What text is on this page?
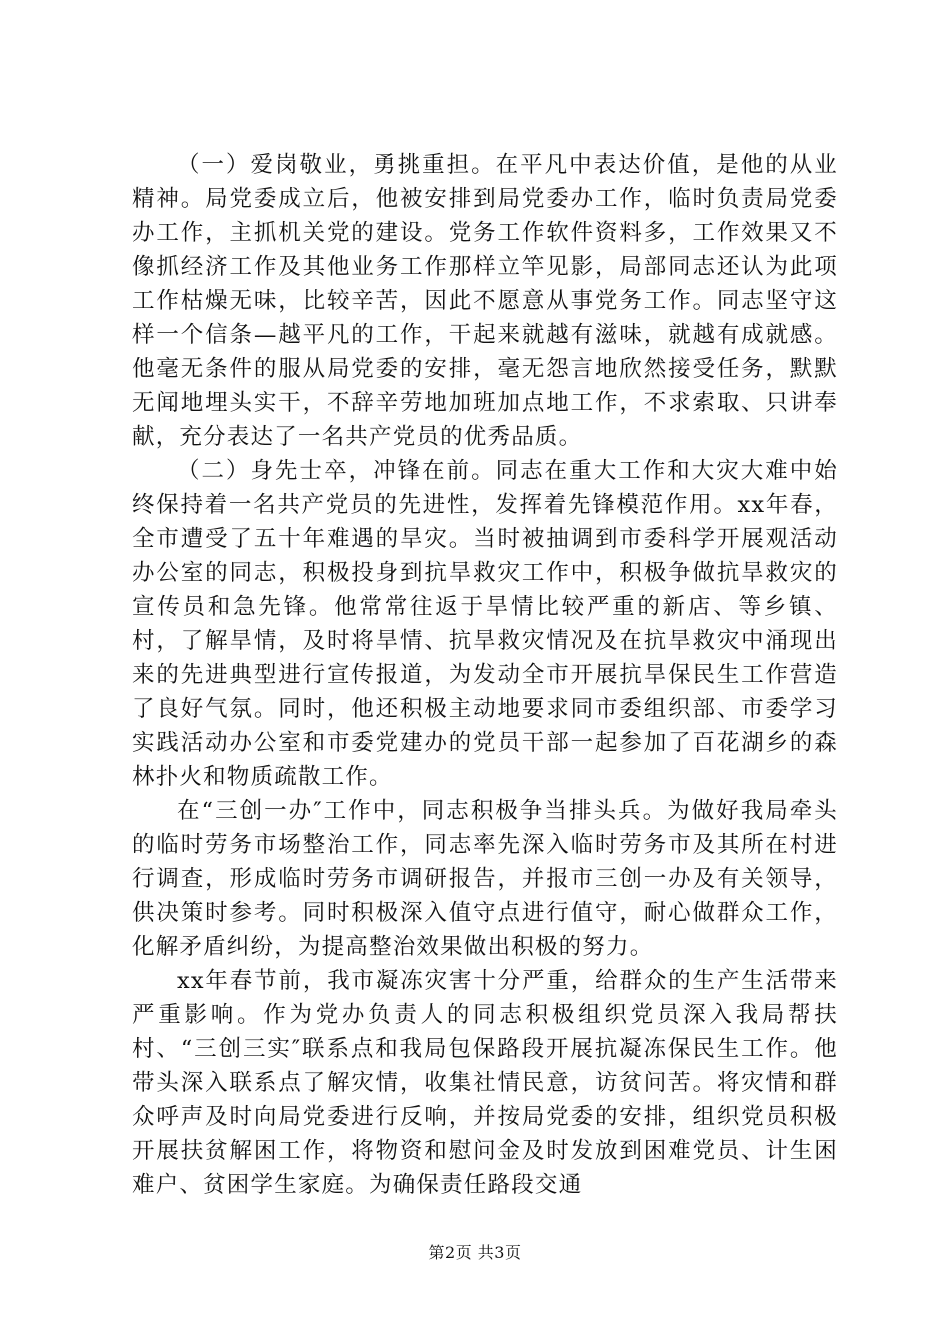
（一）爱岗敬业，勇挑重担。在平凡中表达价值，是他的从业精神。局党委成立后，他被安排到局党委办工作，临时负责局党委办工作，主抓机关党的建设。党务工作软件资料多，工作效果又不像抓经济工作及其他业务工作那样立竿见影，局部同志还认为此项工作枯燥无味，比较辛苦，因此不愿意从事党务工作。同志坚守这样一个信条—越平凡的工作，干起来就越有滋味，就越有成就感。他毫无条件的服从局党委的安排，毫无怨言地欣然接受任务，默默无闻地埋头实干，不辞辛劳地加班加点地工作，不求索取、只讲奉献，充分表达了一名共产党员的优秀品质。

（二）身先士卒，冲锋在前。同志在重大工作和大灾大难中始终保持着一名共产党员的先进性，发挥着先锋模范作用。xx年春，全市遭受了五十年难遇的旱灾。当时被抽调到市委科学开展观活动办公室的同志，积极投身到抗旱救灾工作中，积极争做抗旱救灾的宣传员和急先锋。他常常往返于旱情比较严重的新店、等乡镇、村，了解旱情，及时将旱情、抗旱救灾情况及在抗旱救灾中涌现出来的先进典型进行宣传报道，为发动全市开展抗旱保民生工作营造了良好气氛。同时，他还积极主动地要求同市委组织部、市委学习实践活动办公室和市委党建办的党员干部一起参加了百花湖乡的森林扑火和物质疏散工作。

在“三创一办″工作中，同志积极争当排头兵。为做好我局牵头的临时劳务市场整治工作，同志率先深入临时劳务市及其所在村进行调查，形成临时劳务市调研报告，并报市三创一办及有关领导，供决策时参考。同时积极深入值守点进行值守，耐心做群众工作，化解矛盾纠纷，为提高整治效果做出积极的努力。

xx年春节前，我市凝冻灾害十分严重，给群众的生产生活带来严重影响。作为党办负责人的同志积极组织党员深入我局帮扶村、“三创三实″联系点和我局包保路段开展抗凝冻保民生工作。他带头深入联系点了解灾情，收集社情民意，访贫问苦。将灾情和群众呼声及时向局党委进行反响，并按局党委的安排，组织党员积极开展扶贫解困工作，将物资和慰问金及时发放到困难党员、计生困难户、贫困学生家庭。为确保责任路段交通

第2页 共3页
